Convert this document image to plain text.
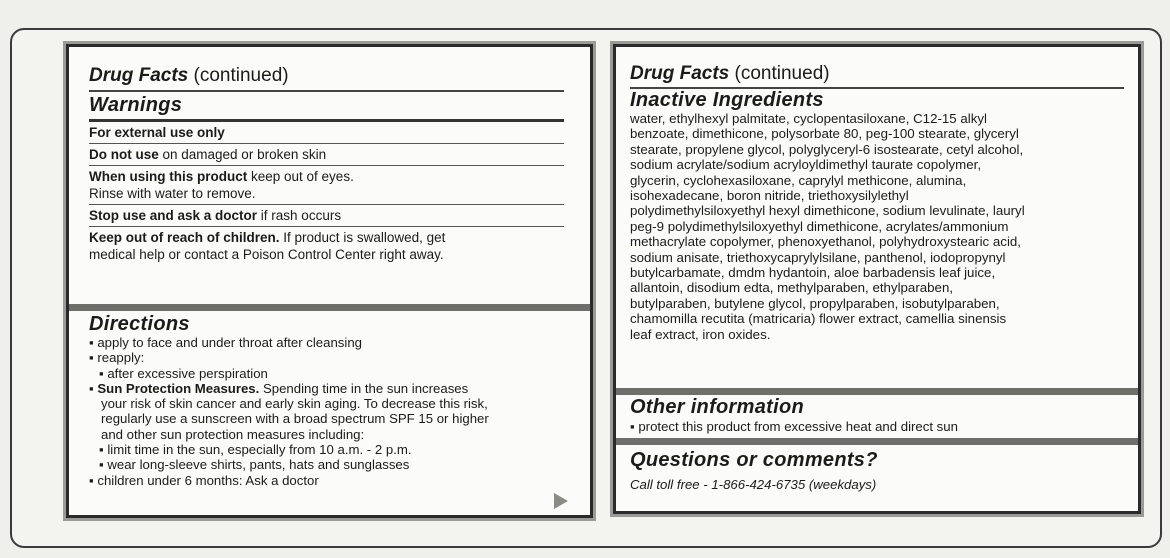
Drug Facts (continued)
Warnings
For external use only
Do not use on damaged or broken skin
When using this product keep out of eyes.
Rinse with water to remove.
Stop use and ask a doctor if rash occurs
Keep out of reach of children. If product is swallowed, get
medical help or contact a Poison Control Center right away.
Directions
▪ apply to face and under throat after cleansing
▪ reapply:
▪ after excessive perspiration
▪ Sun Protection Measures. Spending time in the sun increases
your risk of skin cancer and early skin aging. To decrease this risk,
regularly use a sunscreen with a broad spectrum SPF 15 or higher
and other sun protection measures including:
▪ limit time in the sun, especially from 10 a.m. - 2 p.m.
▪ wear long-sleeve shirts, pants, hats and sunglasses
▪ children under 6 months: Ask a doctor
Drug Facts (continued)
Inactive Ingredients
water, ethylhexyl palmitate, cyclopentasiloxane, C12-15 alkyl
benzoate, dimethicone, polysorbate 80, peg-100 stearate, glyceryl
stearate, propylene glycol, polyglyceryl-6 isostearate, cetyl alcohol,
sodium acrylate/sodium acryloyldimethyl taurate copolymer,
glycerin, cyclohexasiloxane, caprylyl methicone, alumina,
isohexadecane, boron nitride, triethoxysilylethyl
polydimethylsiloxyethyl hexyl dimethicone, sodium levulinate, lauryl
peg-9 polydimethylsiloxyethyl dimethicone, acrylates/ammonium
methacrylate copolymer, phenoxyethanol, polyhydroxystearic acid,
sodium anisate, triethoxycaprylylsilane, panthenol, iodopropynyl
butylcarbamate, dmdm hydantoin, aloe barbadensis leaf juice,
allantoin, disodium edta, methylparaben, ethylparaben,
butylparaben, butylene glycol, propylparaben, isobutylparaben,
chamomilla recutita (matricaria) flower extract, camellia sinensis
leaf extract, iron oxides.
Other information
▪ protect this product from excessive heat and direct sun
Questions or comments?
Call toll free - 1-866-424-6735 (weekdays)
